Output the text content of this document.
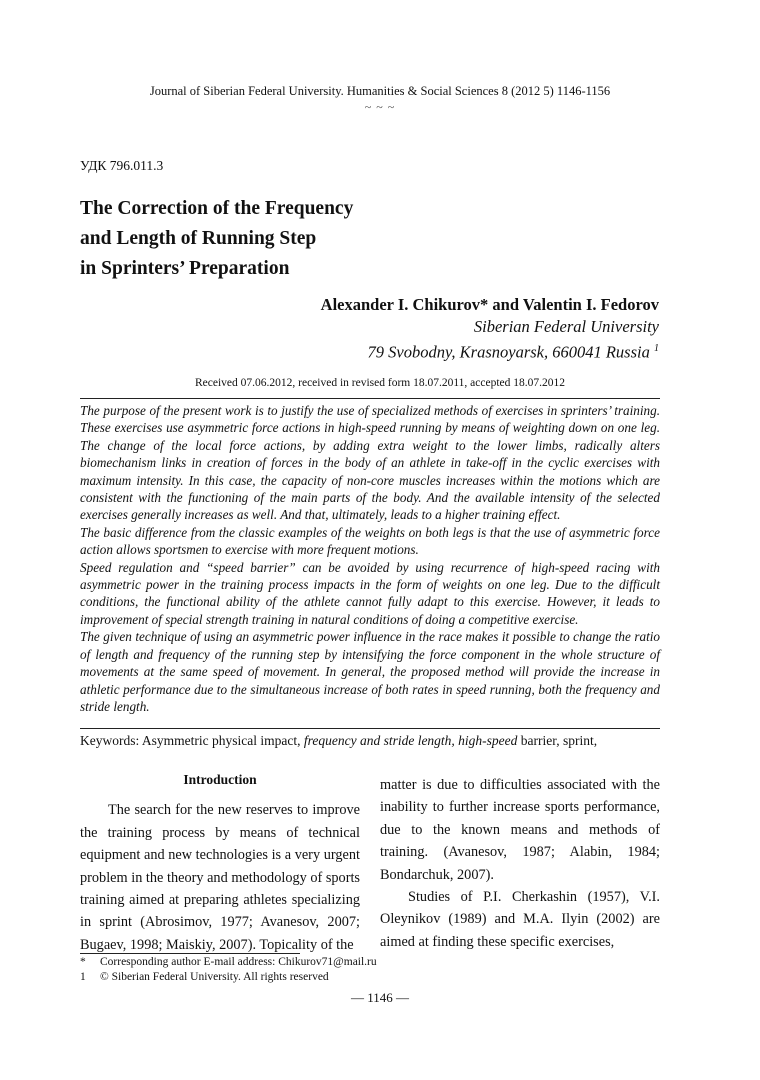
Journal of Siberian Federal University. Humanities & Social Sciences 8 (2012 5) 1146-1156
~ ~ ~
УДК 796.011.3
The Correction of the Frequency
and Length of Running Step
in Sprinters’ Preparation
Alexander I. Chikurov* and Valentin I. Fedorov
Siberian Federal University
79 Svobodny, Krasnoyarsk, 660041 Russia $^1$
Received 07.06.2012, received in revised form 18.07.2011, accepted 18.07.2012

The purpose of the present work is to justify the use of specialized methods of exercises in sprinters’ training. These exercises use asymmetric force actions in high-speed running by means of weighting down on one leg. The change of the local force actions, by adding extra weight to the lower limbs, radically alters biomechanism links in creation of forces in the body of an athlete in take-off in the cyclic exercises with maximum intensity. In this case, the capacity of non-core muscles increases within the motions which are consistent with the functioning of the main parts of the body. And the available intensity of the selected exercises generally increases as well. And that, ultimately, leads to a higher training effect.

The basic difference from the classic examples of the weights on both legs is that the use of asymmetric force action allows sportsmen to exercise with more frequent motions.

Speed regulation and “speed barrier” can be avoided by using recurrence of high-speed racing with asymmetric power in the training process impacts in the form of weights on one leg. Due to the difficult conditions, the functional ability of the athlete cannot fully adapt to this exercise. However, it leads to improvement of special strength training in natural conditions of doing a competitive exercise.

The given technique of using an asymmetric power influence in the race makes it possible to change the ratio of length and frequency of the running step by intensifying the force component in the whole structure of movements at the same speed of movement. In general, the proposed method will provide the increase in athletic performance due to the simultaneous increase of both rates in speed running, both the frequency and stride length.

Keywords: Asymmetric physical impact, frequency and stride length, high-speed barrier, sprint,

Introduction

The search for the new reserves to improve the training process by means of technical equipment and new technologies is a very urgent problem in the theory and methodology of sports training aimed at preparing athletes specializing in sprint (Abrosimov, 1977; Avanesov, 2007; Bugaev, 1998; Maiskiy, 2007). Topicality of the

matter is due to difficulties associated with the inability to further increase sports performance, due to the known means and methods of training. (Avanesov, 1987; Alabin, 1984; Bondarchuk, 2007).

Studies of P.I. Cherkashin (1957), V.I. Oleynikov (1989) and M.A. Ilyin (2002) are aimed at finding these specific exercises,

* Corresponding author E-mail address: Chikurov71@mail.ru
1 © Siberian Federal University. All rights reserved
— 1146 —
